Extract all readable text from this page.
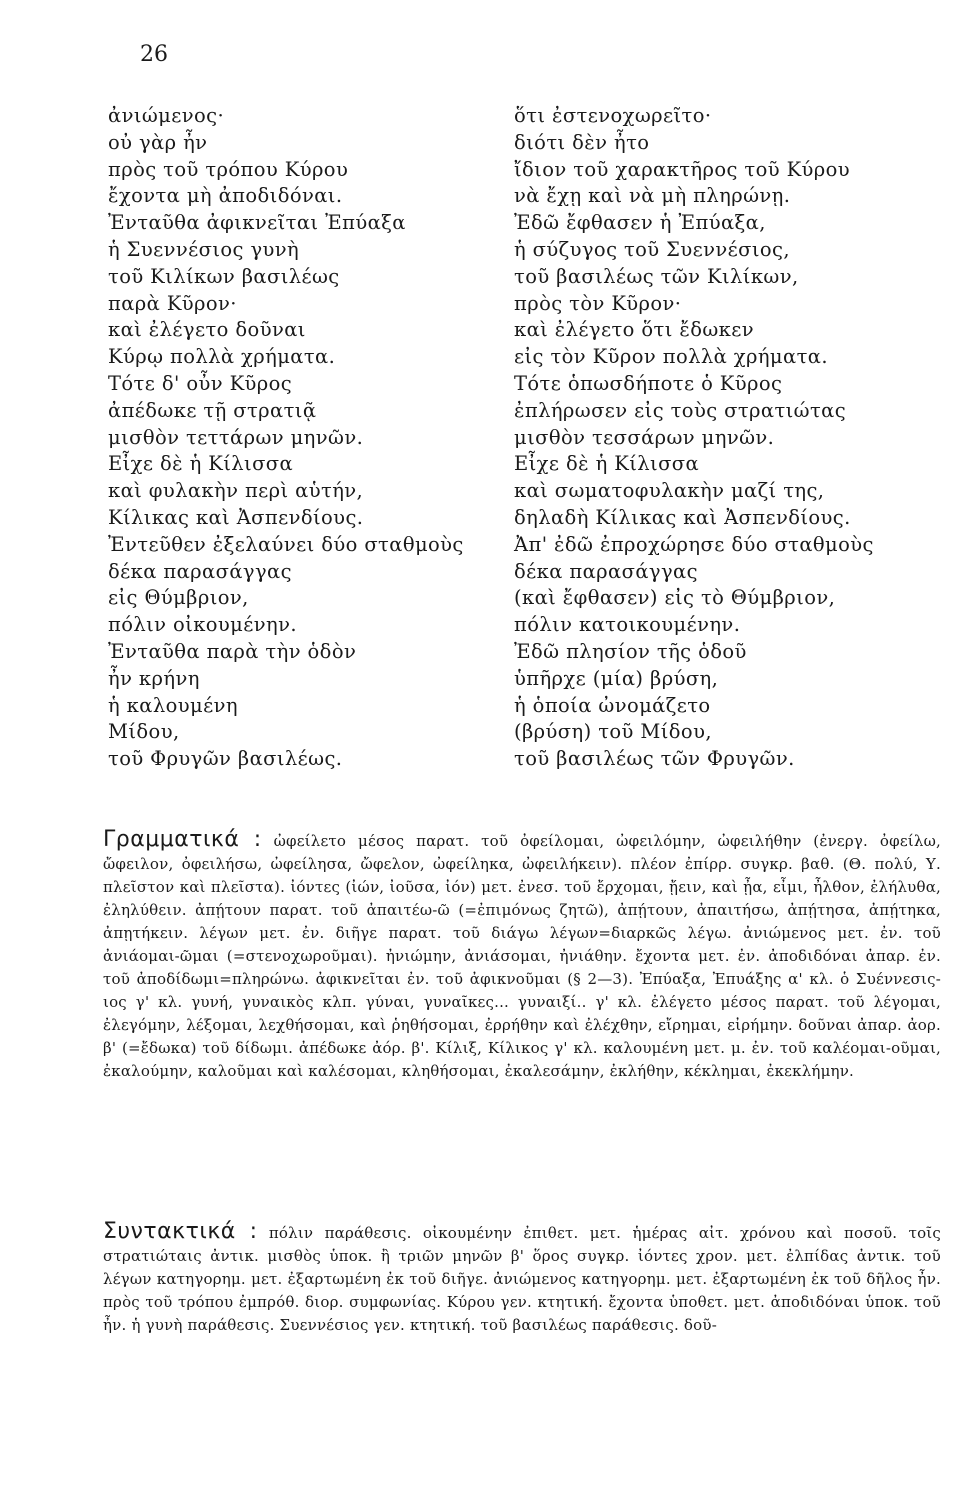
26
ἀνιώμενος·
οὐ γὰρ ἦν
πρὸς τοῦ τρόπου Κύρου
ἔχοντα μὴ ἀποδιδόναι.
Ἐνταῦθα ἀφικνεῖται Ἐπύαξα
ἡ Συεννέσιος γυνὴ
τοῦ Κιλίκων βασιλέως
παρὰ Κῦρον·
καὶ ἐλέγετο δοῦναι
Κύρῳ πολλὰ χρήματα.
Τότε δ' οὖν Κῦρος
ἀπέδωκε τῇ στρατιᾷ
μισθὸν τεττάρων μηνῶν.
Εἶχε δὲ ἡ Κίλισσα
καὶ φυλακὴν περὶ αὑτήν,
Κίλικας καὶ Ἀσπενδίους.
Ἐντεῦθεν ἐξελαύνει δύο σταθμοὺς
δέκα παρασάγγας
εἰς Θύμβριον,
πόλιν οἰκουμένην.
Ἐνταῦθα παρὰ τὴν ὁδὸν
ἦν κρήνη
ἡ καλουμένη
Μίδου,
τοῦ Φρυγῶν βασιλέως.
ὅτι ἐστενοχωρεῖτο·
διότι δὲν ἦτο
ἴδιον τοῦ χαρακτῆρος τοῦ Κύρου
νὰ ἔχῃ καὶ νὰ μὴ πληρώνῃ.
Ἐδῶ ἔφθασεν ἡ Ἐπύαξα,
ἡ σύζυγος τοῦ Συεννέσιος,
τοῦ βασιλέως τῶν Κιλίκων,
πρὸς τὸν Κῦρον·
καὶ ἐλέγετο ὅτι ἔδωκεν
εἰς τὸν Κῦρον πολλὰ χρήματα.
Τότε ὁπωσδήποτε ὁ Κῦρος
ἐπλήρωσεν εἰς τοὺς στρατιώτας
μισθὸν τεσσάρων μηνῶν.
Εἶχε δὲ ἡ Κίλισσα
καὶ σωματοφυλακὴν μαζί της,
δηλαδὴ Κίλικας καὶ Ἀσπενδίους.
Ἀπ' ἐδῶ ἐπροχώρησε δύο σταθμοὺς
δέκα παρασάγγας
(καὶ ἔφθασεν) εἰς τὸ Θύμβριον,
πόλιν κατοικουμένην.
Ἐδῶ πλησίον τῆς ὁδοῦ
ὑπῆρχε (μία) βρύση,
ἡ ὁποία ὠνομάζετο
(βρύση) τοῦ Μίδου,
τοῦ βασιλέως τῶν Φρυγῶν.
Γραμματικά : ὠφείλετο μέσος παρατ. τοῦ ὀφείλομαι, ὠφειλόμην, ὠφειλήθην (ἐνεργ. ὀφείλω, ὤφειλον, ὀφειλήσω, ὠφείλησα, ὤφελον, ὠφείληκα, ὠφειλήκειν). πλέον ἐπίρρ. συγκρ. βαθ. (Θ. πολύ, Υ. πλεῖστον καὶ πλεῖστα). ἰόντες (ἰών, ἰοῦσα, ἰόν) μετ. ἐνεσ. τοῦ ἔρχομαι, ᾔειν, καὶ ᾖα, εἶμι, ἦλθον, ἐλήλυθα, ἐληλύθειν. ἀπῄτουν παρατ. τοῦ ἀπαιτέω-ῶ (=ἐπιμόνως ζητῶ), ἀπῄτουν, ἀπαιτήσω, ἀπῄτησα, ἀπῄτηκα, ἀπῃτήκειν. λέγων μετ. ἐν. διῆγε παρατ. τοῦ διάγω λέγων=διαρκῶς λέγω. ἀνιώμενος μετ. ἐν. τοῦ ἀνιάομαι-ῶμαι (=στενοχωροῦμαι). ἠνιώμην, ἀνιάσομαι, ἠνιάθην. ἔχοντα μετ. ἐν. ἀποδιδόναι ἀπαρ. ἐν. τοῦ ἀποδίδωμι=πληρώνω. ἀφικνεῖται ἐν. τοῦ ἀφικνοῦμαι (§ 2—3). Ἐπύαξα, Ἐπυάξης α' κλ. ὁ Συέννεσις-ιος γ' κλ. γυνή, γυναικὸς κλπ. γύναι, γυναῖκες... γυναιξί.. γ' κλ. ἐλέγετο μέσος παρατ. τοῦ λέγομαι, ἐλεγόμην, λέξομαι, λεχθήσομαι, καὶ ῥηθήσομαι, ἐρρήθην καὶ ἐλέχθην, εἴρημαι, εἰρήμην. δοῦναι ἀπαρ. ἀορ. β' (=ἔδωκα) τοῦ δίδωμι. ἀπέδωκε ἀόρ. β'. Κίλιξ, Κίλικος γ' κλ. καλουμένη μετ. μ. ἐν. τοῦ καλέομαι-οῦμαι, ἐκαλούμην, καλοῦμαι καὶ καλέσομαι, κληθήσομαι, ἐκαλεσάμην, ἐκλήθην, κέκλημαι, ἐκεκλήμην.
Συντακτικά : πόλιν παράθεσις. οἰκουμένην ἐπιθετ. μετ. ἡμέρας αἰτ. χρόνου καὶ ποσοῦ. τοῖς στρατιώταις ἀντικ. μισθὸς ὑποκ. ἢ τριῶν μηνῶν β' ὅρος συγκρ. ἰόντες χρον. μετ. ἐλπίδας ἀντικ. τοῦ λέγων κατηγορημ. μετ. ἐξαρτωμένη ἐκ τοῦ διῆγε. ἀνιώμενος κατηγορημ. μετ. ἐξαρτωμένη ἐκ τοῦ δῆλος ἦν. πρὸς τοῦ τρόπου ἐμπρόθ. διορ. συμφωνίας. Κύρου γεν. κτητική. ἔχοντα ὑποθετ. μετ. ἀποδιδόναι ὑποκ. τοῦ ἦν. ἡ γυνὴ παράθεσις. Συεννέσιος γεν. κτητική. τοῦ βασιλέως παράθεσις. δοῦ-
